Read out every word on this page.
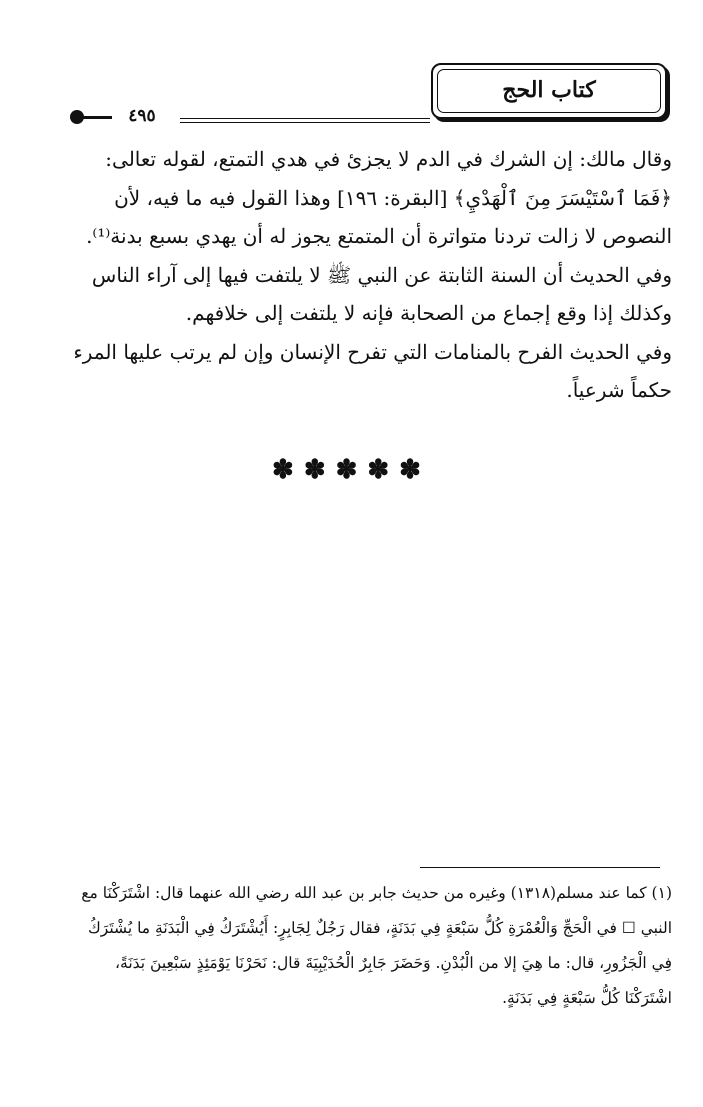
كتاب الحج
٤٩٥

وقال مالك: إن الشرك في الدم لا يجزئ في هدي التمتع، لقوله تعالى: ﴿فَمَا ٱسْتَيْسَرَ مِنَ ٱلْهَدْيِ﴾ [البقرة: ١٩٦] وهذا القول فيه ما فيه، لأن النصوص لا زالت تردنا متواترة أن المتمتع يجوز له أن يهدي بسبع بدنة⁽¹⁾.

وفي الحديث أن السنة الثابتة عن النبي ﷺ لا يلتفت فيها إلى آراء الناس وكذلك إذا وقع إجماع من الصحابة فإنه لا يلتفت إلى خلافهم.

وفي الحديث الفرح بالمنامات التي تفرح الإنسان وإن لم يرتب عليها المرء حكماً شرعياً.

✽✽✽✽✽

(١) كما عند مسلم(١٣١٨) وغيره من حديث جابر بن عبد الله رضي الله عنهما قال: اشْتَرَكْنَا مع النبي ☐ في الْحَجِّ وَالْعُمْرَةِ كُلُّ سَبْعَةٍ فِي بَدَنَةٍ، فقال رَجُلٌ لِجَابِرٍ: أَيُشْتَرَكُ فِي الْبَدَنَةِ ما يُشْتَرَكُ فِي الْجَزُورِ، قال: ما هِيَ إلا من الْبُدْنِ. وَحَضَرَ جَابِرٌ الْحُدَيْبِيَةَ قال: نَحَرْنَا يَوْمَئِذٍ سَبْعِينَ بَدَنَةً، اشْتَرَكْنَا كُلُّ سَبْعَةٍ فِي بَدَنَةٍ.
